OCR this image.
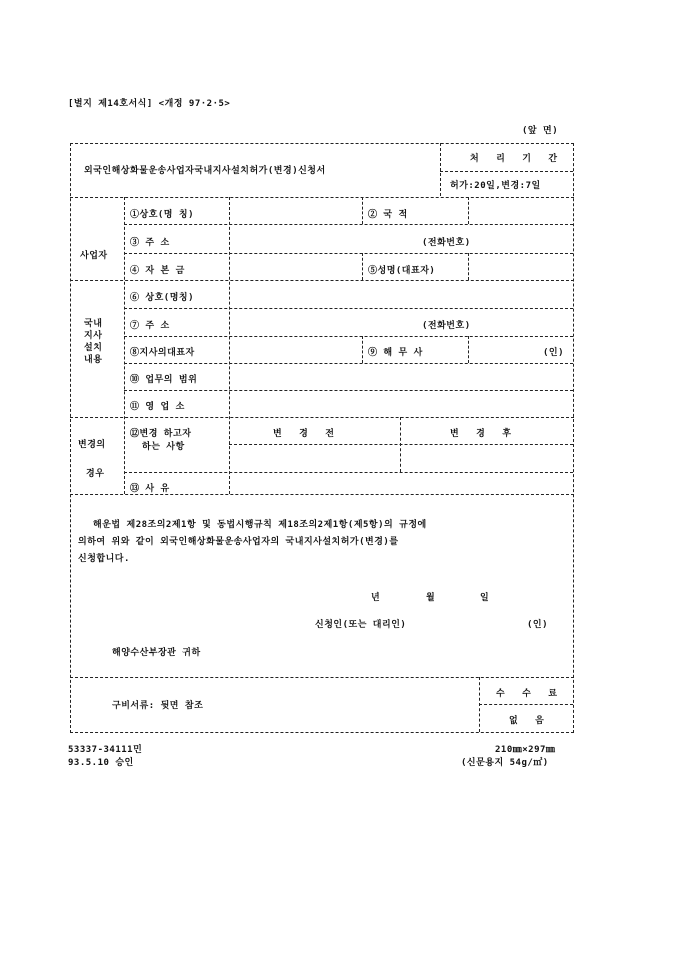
[별지 제14호서식] <개정 97·2·5>
(앞 면)
외국인해상화물운송사업자국내지사설치허가(변경)신청서
처 리 기 간
허가:20일,변경:7일
사업자
①상호(명 칭)	② 국 적
③ 주 소	(전화번호)
④ 자 본 금	⑤성명(대표자)
국내
지사
설치
내용
⑥ 상호(명칭)
⑦ 주 소	(전화번호)
⑧지사의대표자	⑨ 해 무 사	(인)
⑩ 업무의 범위
⑪ 영 업 소
변경의
경우
⑫변경 하고자
하는 사항
변 경 전	변 경 후
⑬ 사 유
해운법 제28조의2제1항 및 동법시행규칙 제18조의2제1항(제5항)의 규정에
의하여 위와 같이 외국인해상화물운송사업자의 국내지사설치허가(변경)를
신청합니다.
년	월	일
신청인(또는 대리인)	(인)
해양수산부장관 귀하
구비서류: 뒷면 참조
수 수 료
없 음
53337-34111민
93.5.10 승인
210㎜×297㎜
(신문용지 54g/㎡)
